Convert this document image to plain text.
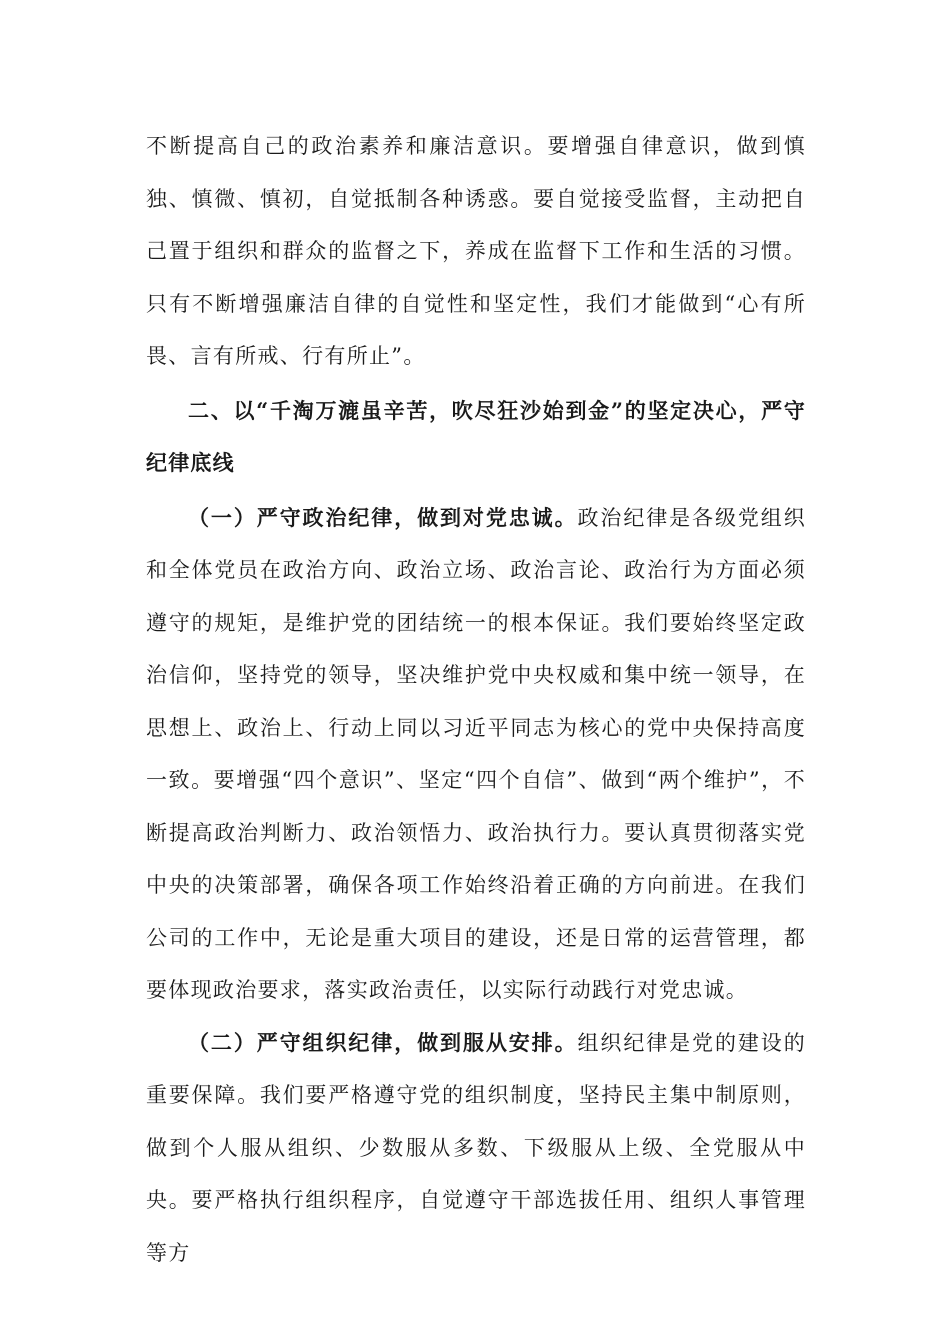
不断提高自己的政治素养和廉洁意识。要增强自律意识，做到慎独、慎微、慎初，自觉抵制各种诱惑。要自觉接受监督，主动把自己置于组织和群众的监督之下，养成在监督下工作和生活的习惯。只有不断增强廉洁自律的自觉性和坚定性，我们才能做到“心有所畏、言有所戒、行有所止”。

二、以“千淘万漉虽辛苦，吹尽狂沙始到金”的坚定决心，严守纪律底线

（一）严守政治纪律，做到对党忠诚。政治纪律是各级党组织和全体党员在政治方向、政治立场、政治言论、政治行为方面必须遵守的规矩，是维护党的团结统一的根本保证。我们要始终坚定政治信仰，坚持党的领导，坚决维护党中央权威和集中统一领导，在思想上、政治上、行动上同以习近平同志为核心的党中央保持高度一致。要增强“四个意识”、坚定“四个自信”、做到“两个维护”，不断提高政治判断力、政治领悟力、政治执行力。要认真贯彻落实党中央的决策部署，确保各项工作始终沿着正确的方向前进。在我们公司的工作中，无论是重大项目的建设，还是日常的运营管理，都要体现政治要求，落实政治责任，以实际行动践行对党忠诚。

（二）严守组织纪律，做到服从安排。组织纪律是党的建设的重要保障。我们要严格遵守党的组织制度，坚持民主集中制原则，做到个人服从组织、少数服从多数、下级服从上级、全党服从中央。要严格执行组织程序，自觉遵守干部选拔任用、组织人事管理等方
